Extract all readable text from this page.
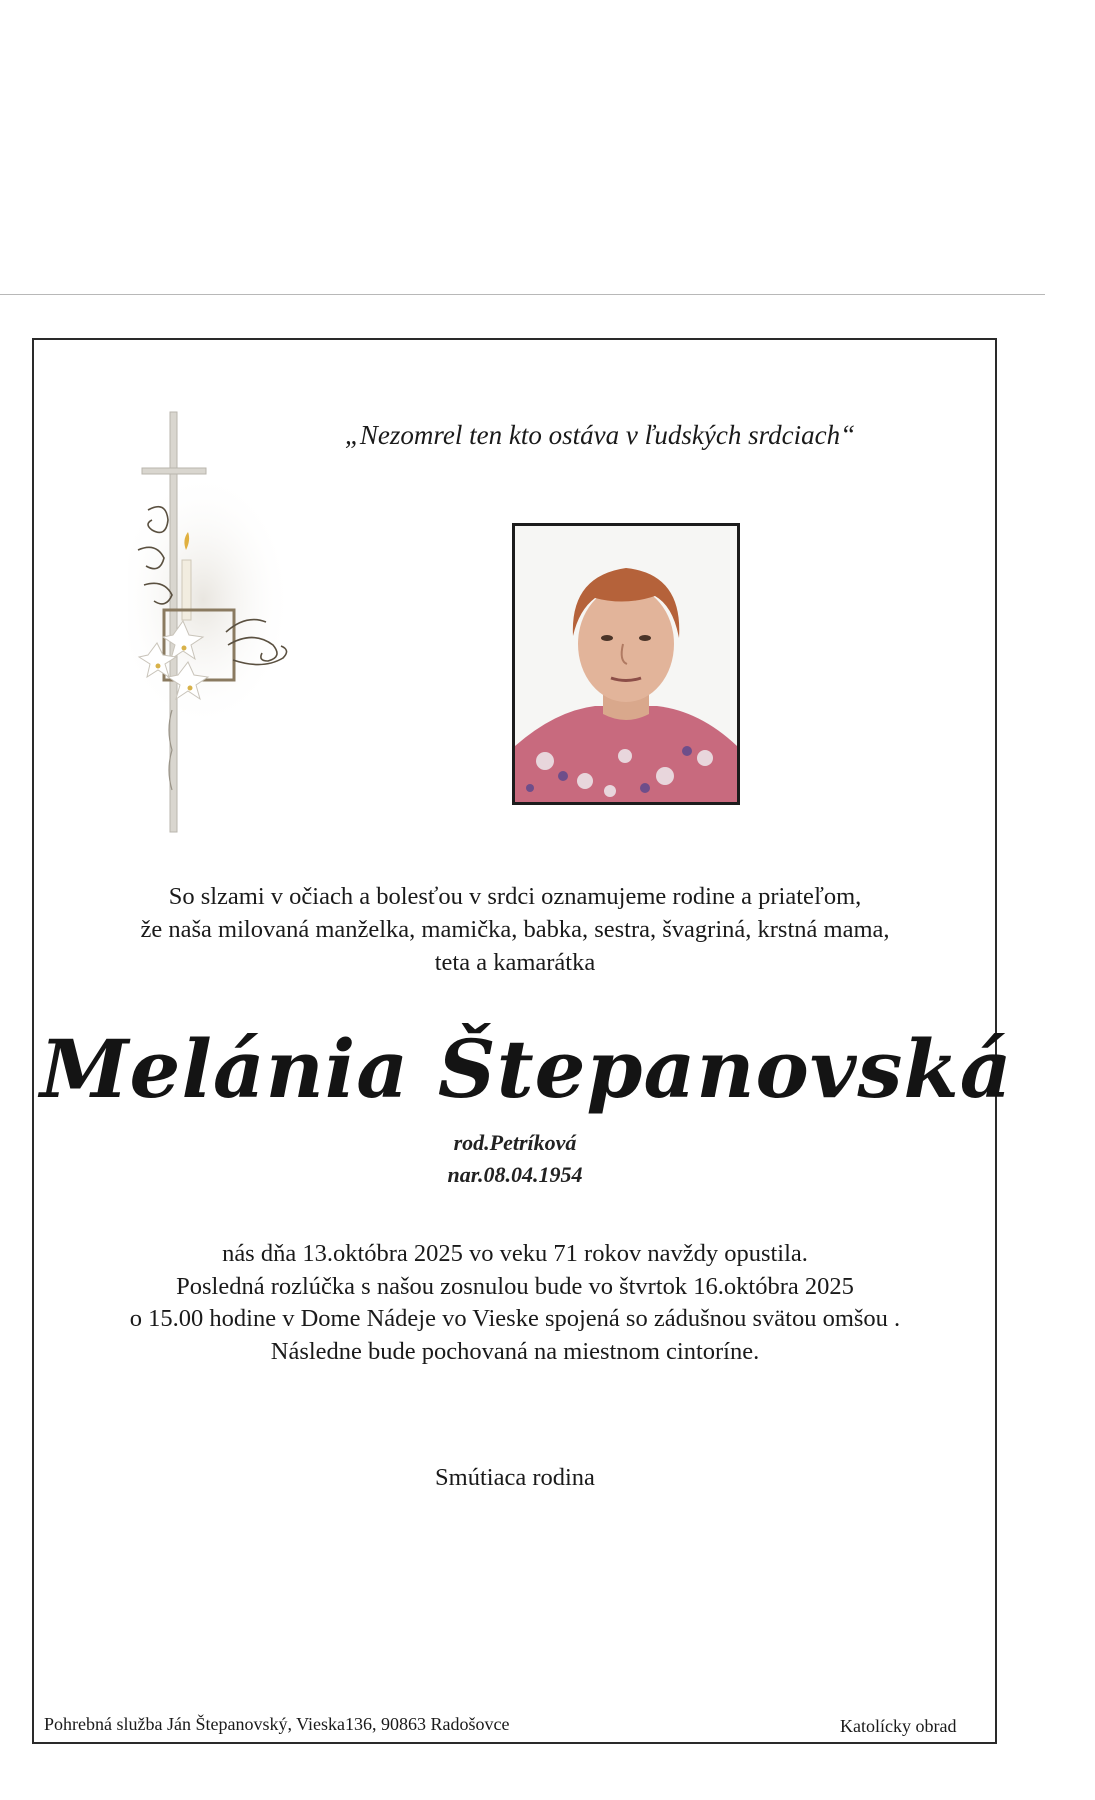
„Nezomrel ten kto ostáva v ľudských srdciach“
So slzami v očiach a bolesťou v srdci oznamujeme rodine a priateľom,
že naša milovaná manželka, mamička, babka, sestra, švagriná, krstná mama,
teta a kamarátka
Melánia Štepanovská
rod.Petríková
nar.08.04.1954
nás dňa 13.októbra 2025 vo veku 71 rokov navždy opustila.
Posledná rozlúčka s našou zosnulou bude vo štvrtok 16.októbra 2025
o 15.00 hodine v Dome Nádeje vo Vieske spojená so zádušnou svätou omšou .
Následne bude pochovaná na miestnom cintoríne.
Smútiaca rodina
Pohrebná služba Ján Štepanovský, Vieska136, 90863 Radošovce	Katolícky obrad
